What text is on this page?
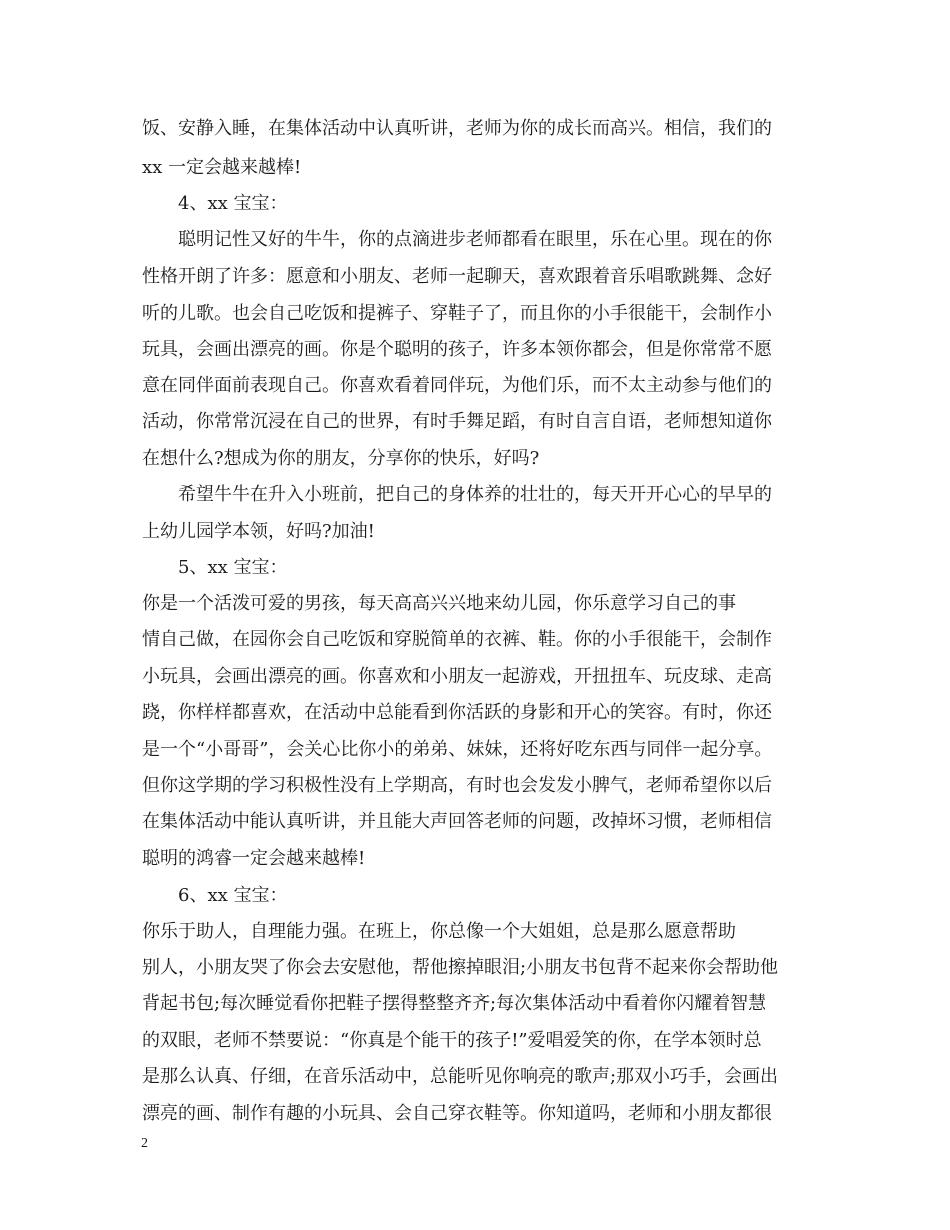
饭、安静入睡，在集体活动中认真听讲，老师为你的成长而高兴。相信，我们的
xx 一定会越来越棒!
4、xx 宝宝：
聪明记性又好的牛牛，你的点滴进步老师都看在眼里，乐在心里。现在的你
性格开朗了许多：愿意和小朋友、老师一起聊天，喜欢跟着音乐唱歌跳舞、念好
听的儿歌。也会自己吃饭和提裤子、穿鞋子了，而且你的小手很能干，会制作小
玩具，会画出漂亮的画。你是个聪明的孩子，许多本领你都会，但是你常常不愿
意在同伴面前表现自己。你喜欢看着同伴玩，为他们乐，而不太主动参与他们的
活动，你常常沉浸在自己的世界，有时手舞足蹈，有时自言自语，老师想知道你
在想什么?想成为你的朋友，分享你的快乐，好吗?
希望牛牛在升入小班前，把自己的身体养的壮壮的，每天开开心心的早早的
上幼儿园学本领，好吗?加油!
5、xx 宝宝：
你是一个活泼可爱的男孩，每天高高兴兴地来幼儿园，你乐意学习自己的事
情自己做，在园你会自己吃饭和穿脱简单的衣裤、鞋。你的小手很能干，会制作
小玩具，会画出漂亮的画。你喜欢和小朋友一起游戏，开扭扭车、玩皮球、走高
跷，你样样都喜欢，在活动中总能看到你活跃的身影和开心的笑容。有时，你还
是一个“小哥哥”，会关心比你小的弟弟、妹妹，还将好吃东西与同伴一起分享。
但你这学期的学习积极性没有上学期高，有时也会发发小脾气，老师希望你以后
在集体活动中能认真听讲，并且能大声回答老师的问题，改掉坏习惯，老师相信
聪明的鸿睿一定会越来越棒!
6、xx 宝宝：
你乐于助人，自理能力强。在班上，你总像一个大姐姐，总是那么愿意帮助
别人，小朋友哭了你会去安慰他，帮他擦掉眼泪;小朋友书包背不起来你会帮助他
背起书包;每次睡觉看你把鞋子摆得整整齐齐;每次集体活动中看着你闪耀着智慧
的双眼，老师不禁要说：“你真是个能干的孩子!”爱唱爱笑的你，在学本领时总
是那么认真、仔细，在音乐活动中，总能听见你响亮的歌声;那双小巧手，会画出
漂亮的画、制作有趣的小玩具、会自己穿衣鞋等。你知道吗，老师和小朋友都很
2
